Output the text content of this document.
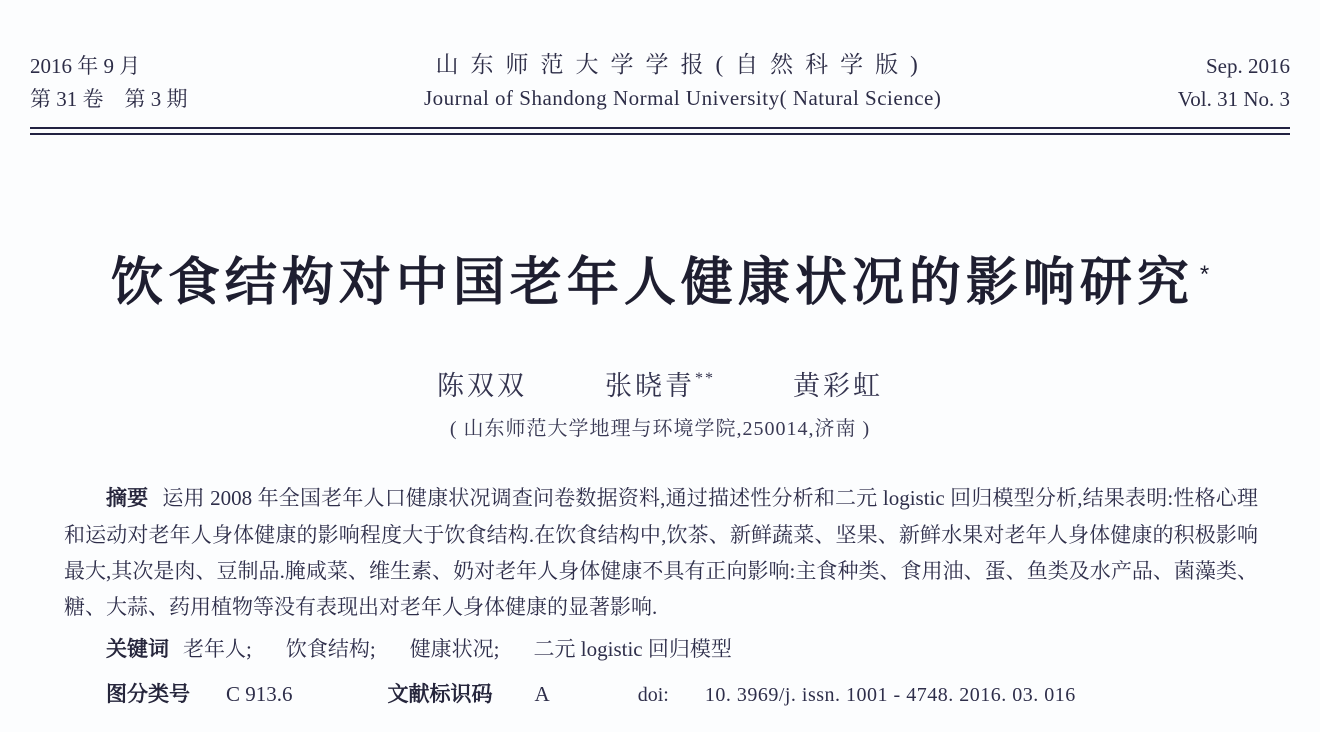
2016 年 9 月
第 31 卷　第 3 期
山东师范大学学报(自然科学版)
Journal of Shandong Normal University( Natural Science)
Sep. 2016
Vol. 31 No. 3
饮食结构对中国老年人健康状况的影响研究 *
陈双双	张晓青**	黄彩虹
( 山东师范大学地理与环境学院,250014,济南 )

摘要 运用 2008 年全国老年人口健康状况调查问卷数据资料,通过描述性分析和二元 logistic 回归模型分析,结果表明:性格心理和运动对老年人身体健康的影响程度大于饮食结构.在饮食结构中,饮茶、新鲜蔬菜、坚果、新鲜水果对老年人身体健康的积极影响最大,其次是肉、豆制品.腌咸菜、维生素、奶对老年人身体健康不具有正向影响:主食种类、食用油、蛋、鱼类及水产品、菌藻类、糖、大蒜、药用植物等没有表现出对老年人身体健康的显著影响.

关键词 老年人; 饮食结构; 健康状况; 二元 logistic 回归模型

图分类号 C 913.6	文献标识码 A	doi: 10. 3969/j. issn. 1001 - 4748. 2016. 03. 016
